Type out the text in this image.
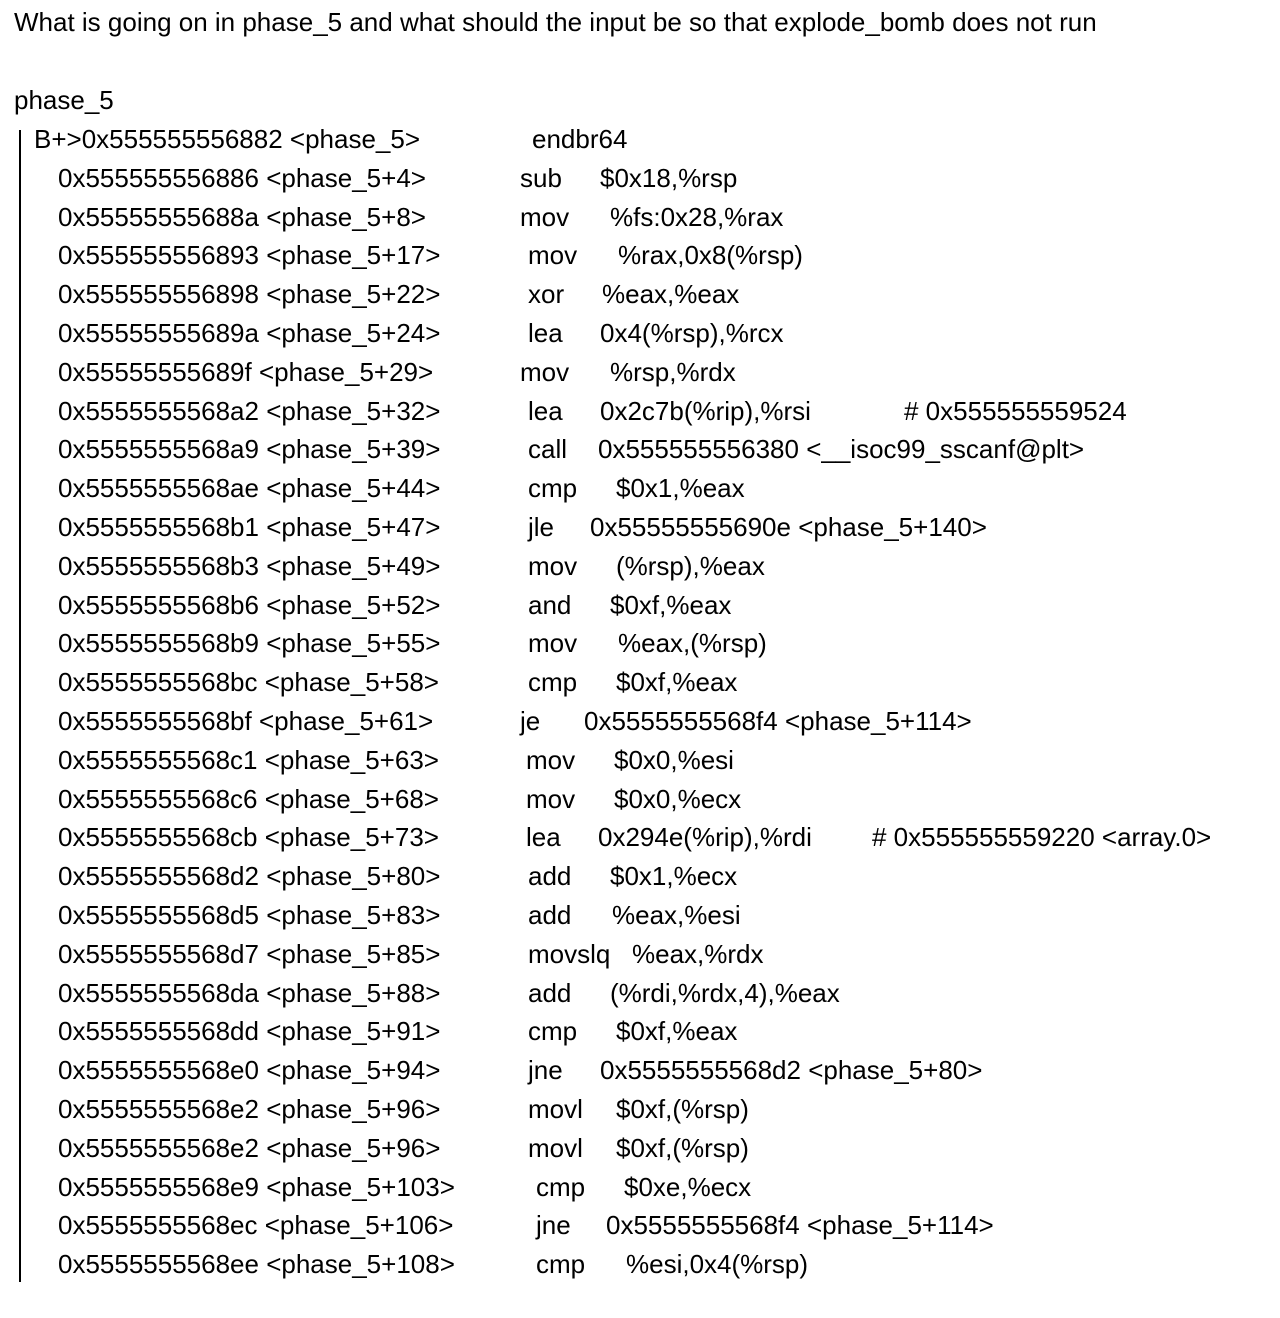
What is going on in phase_5 and what should the input be so that explode_bomb does not run
phase_5
B+>0x555555556882 <phase_5>	endbr64
0x555555556886 <phase_5+4>	sub $0x18,%rsp
0x55555555688a <phase_5+8>	mov %fs:0x28,%rax
0x555555556893 <phase_5+17>	mov %rax,0x8(%rsp)
0x555555556898 <phase_5+22>	xor %eax,%eax
0x55555555689a <phase_5+24>	lea 0x4(%rsp),%rcx
0x55555555689f <phase_5+29>	mov %rsp,%rdx
0x5555555568a2 <phase_5+32>	lea 0x2c7b(%rip),%rsi	# 0x555555559524
0x5555555568a9 <phase_5+39>	call 0x555555556380 <__isoc99_sscanf@plt>
0x5555555568ae <phase_5+44>	cmp $0x1,%eax
0x5555555568b1 <phase_5+47>	jle 0x55555555690e <phase_5+140>
0x5555555568b3 <phase_5+49>	mov (%rsp),%eax
0x5555555568b6 <phase_5+52>	and $0xf,%eax
0x5555555568b9 <phase_5+55>	mov %eax,(%rsp)
0x5555555568bc <phase_5+58>	cmp $0xf,%eax
0x5555555568bf <phase_5+61>	je 0x5555555568f4 <phase_5+114>
0x5555555568c1 <phase_5+63>	mov $0x0,%esi
0x5555555568c6 <phase_5+68>	mov $0x0,%ecx
0x5555555568cb <phase_5+73>	lea 0x294e(%rip),%rdi # 0x555555559220 <array.0>
0x5555555568d2 <phase_5+80>	add $0x1,%ecx
0x5555555568d5 <phase_5+83>	add %eax,%esi
0x5555555568d7 <phase_5+85>	movslq %eax,%rdx
0x5555555568da <phase_5+88>	add (%rdi,%rdx,4),%eax
0x5555555568dd <phase_5+91>	cmp $0xf,%eax
0x5555555568e0 <phase_5+94>	jne 0x5555555568d2 <phase_5+80>
0x5555555568e2 <phase_5+96>	movl $0xf,(%rsp)
0x5555555568e2 <phase_5+96>	movl $0xf,(%rsp)
0x5555555568e9 <phase_5+103>	cmp $0xe,%ecx
0x5555555568ec <phase_5+106>	jne 0x5555555568f4 <phase_5+114>
0x5555555568ee <phase_5+108>	cmp %esi,0x4(%rsp)
